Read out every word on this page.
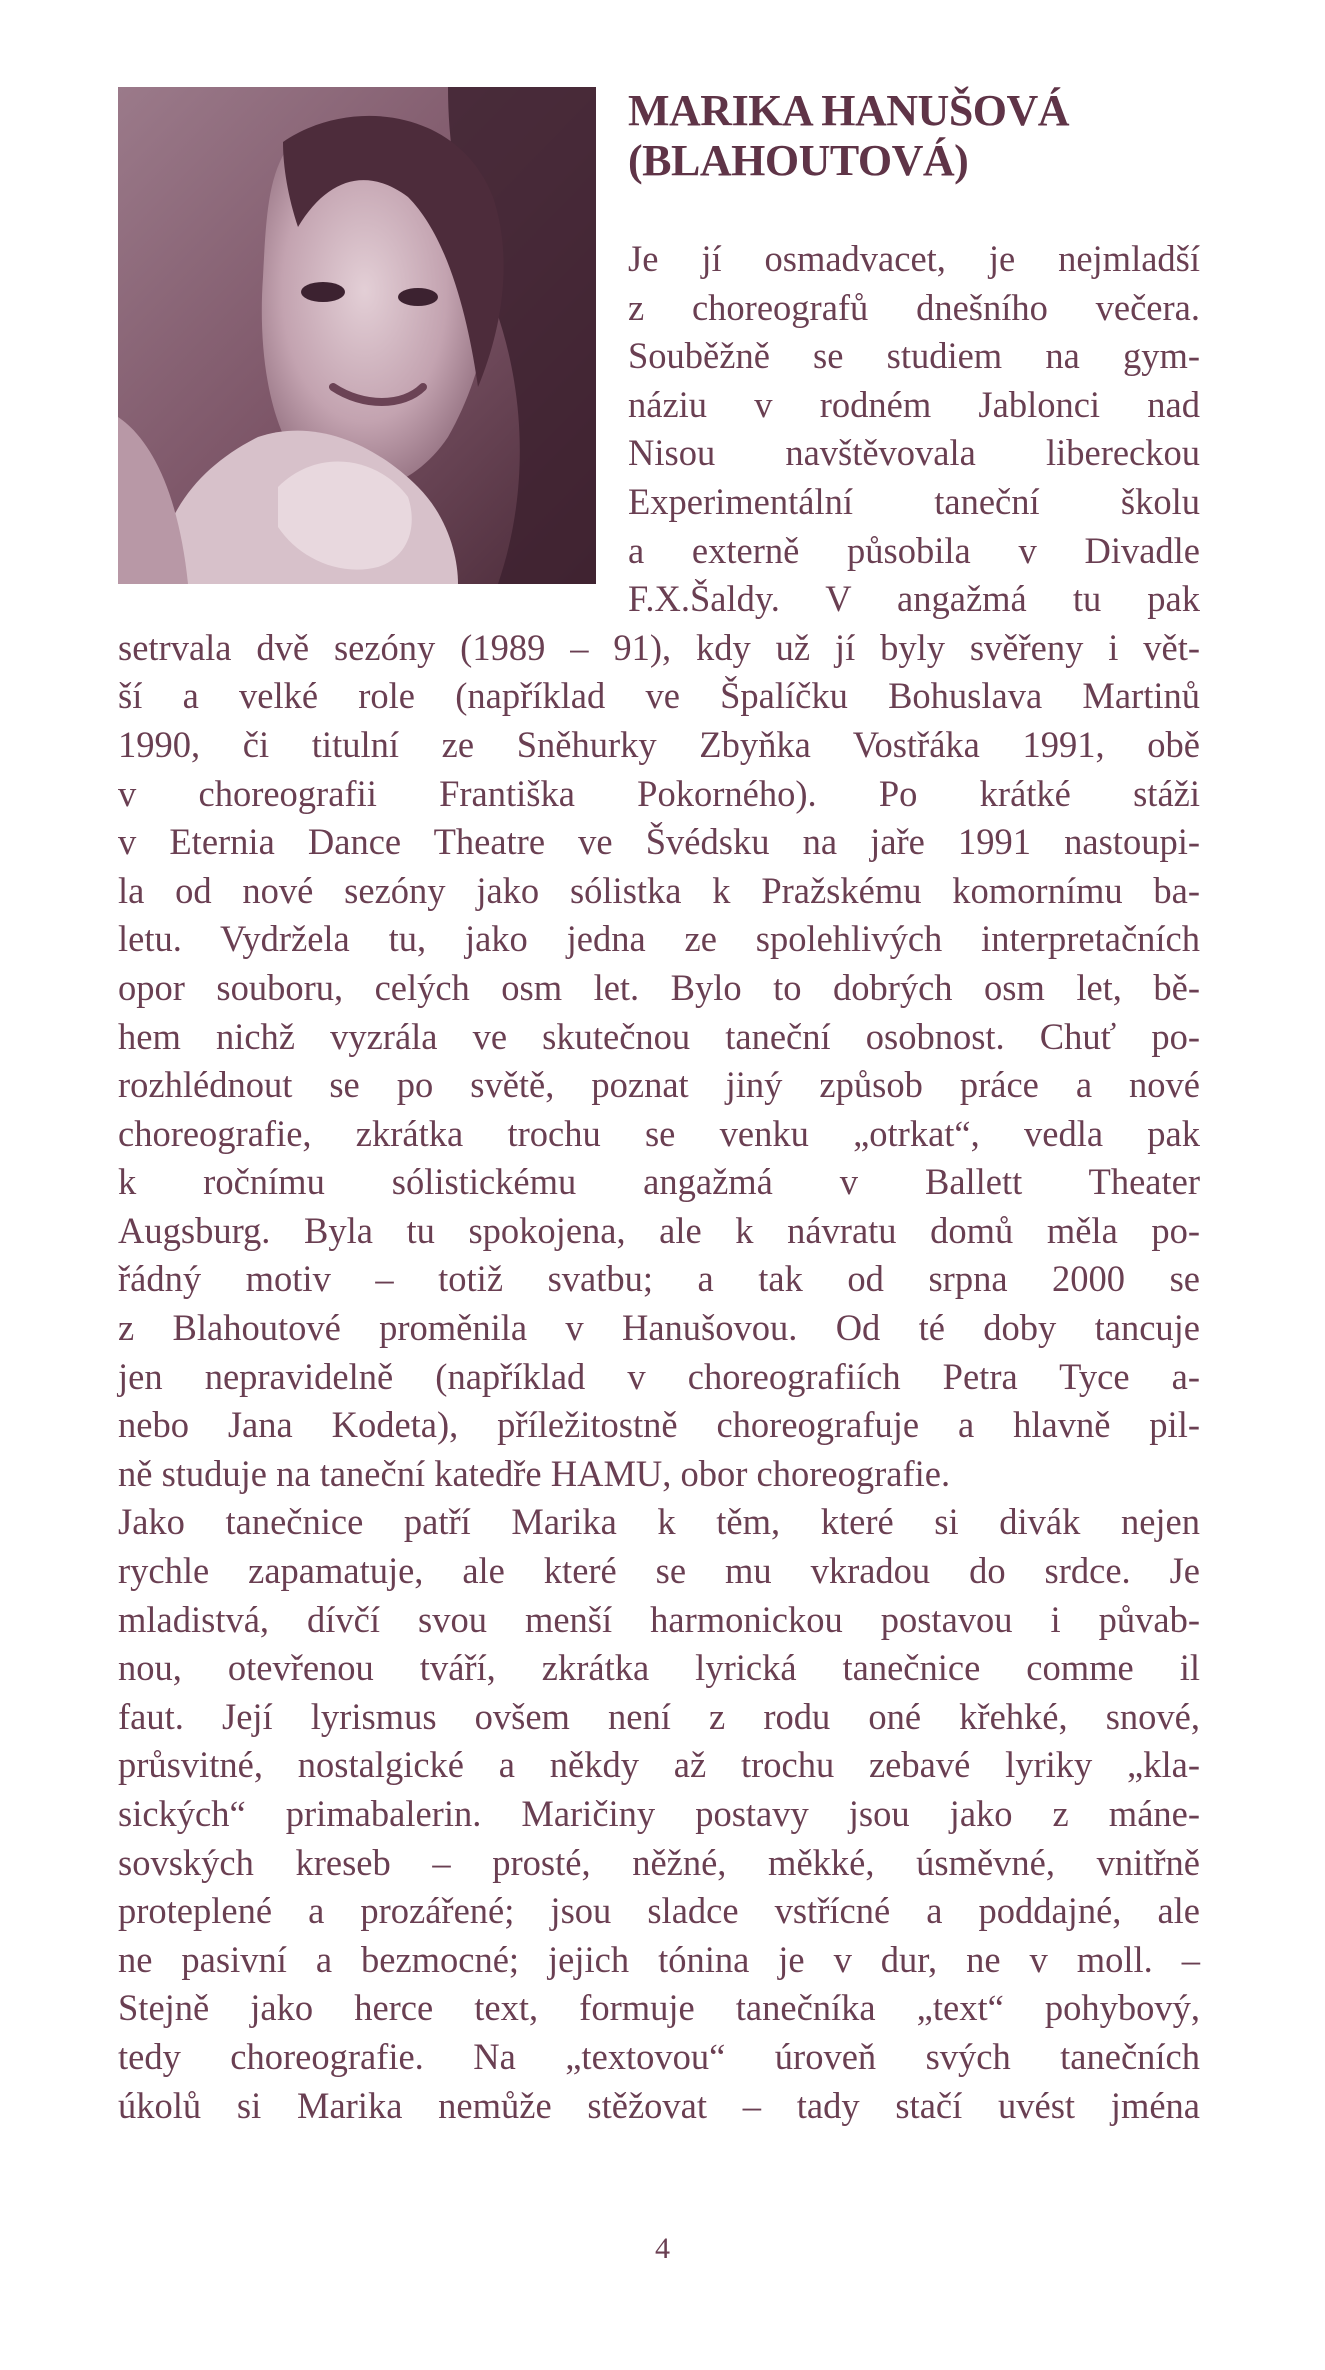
MARIKA HANUŠOVÁ
(BLAHOUTOVÁ)
Je jí osmadvacet, je nejmladší
z choreografů dnešního večera.
Souběžně se studiem na gym-
náziu v rodném Jablonci nad
Nisou navštěvovala libereckou
Experimentální taneční školu
a externě působila v Divadle
F.X.Šaldy. V angažmá tu pak
setrvala dvě sezóny (1989 – 91), kdy už jí byly svěřeny i vět-
ší a velké role (například ve Špalíčku Bohuslava Martinů
1990, či titulní ze Sněhurky Zbyňka Vostřáka 1991, obě
v choreografii Františka Pokorného). Po krátké stáži
v Eternia Dance Theatre ve Švédsku na jaře 1991 nastoupi-
la od nové sezóny jako sólistka k Pražskému komornímu ba-
letu. Vydržela tu, jako jedna ze spolehlivých interpretačních
opor souboru, celých osm let. Bylo to dobrých osm let, bě-
hem nichž vyzrála ve skutečnou taneční osobnost. Chuť po-
rozhlédnout se po světě, poznat jiný způsob práce a nové
choreografie, zkrátka trochu se venku „otrkat“, vedla pak
k ročnímu sólistickému angažmá v Ballett Theater
Augsburg. Byla tu spokojena, ale k návratu domů měla po-
řádný motiv – totiž svatbu; a tak od srpna 2000 se
z Blahoutové proměnila v Hanušovou. Od té doby tancuje
jen nepravidelně (například v choreografiích Petra Tyce a-
nebo Jana Kodeta), příležitostně choreografuje a hlavně pil-
ně studuje na taneční katedře HAMU, obor choreografie.
Jako tanečnice patří Marika k těm, které si divák nejen
rychle zapamatuje, ale které se mu vkradou do srdce. Je
mladistvá, dívčí svou menší harmonickou postavou i půvab-
nou, otevřenou tváří, zkrátka lyrická tanečnice comme il
faut. Její lyrismus ovšem není z rodu oné křehké, snové,
průsvitné, nostalgické a někdy až trochu zebavé lyriky „kla-
sických“ primabalerin. Maričiny postavy jsou jako z mánе-
sovských kreseb – prosté, něžné, měkké, úsměvné, vnitřně
proteplené a prozářené; jsou sladce vstřícné a poddajné, ale
ne pasivní a bezmocné; jejich tónina je v dur, ne v moll. –
Stejně jako herce text, formuje tanečníka „text“ pohybový,
tedy choreografie. Na „textovou“ úroveň svých tanečních
úkolů si Marika nemůže stěžovat – tady stačí uvést jména
4
